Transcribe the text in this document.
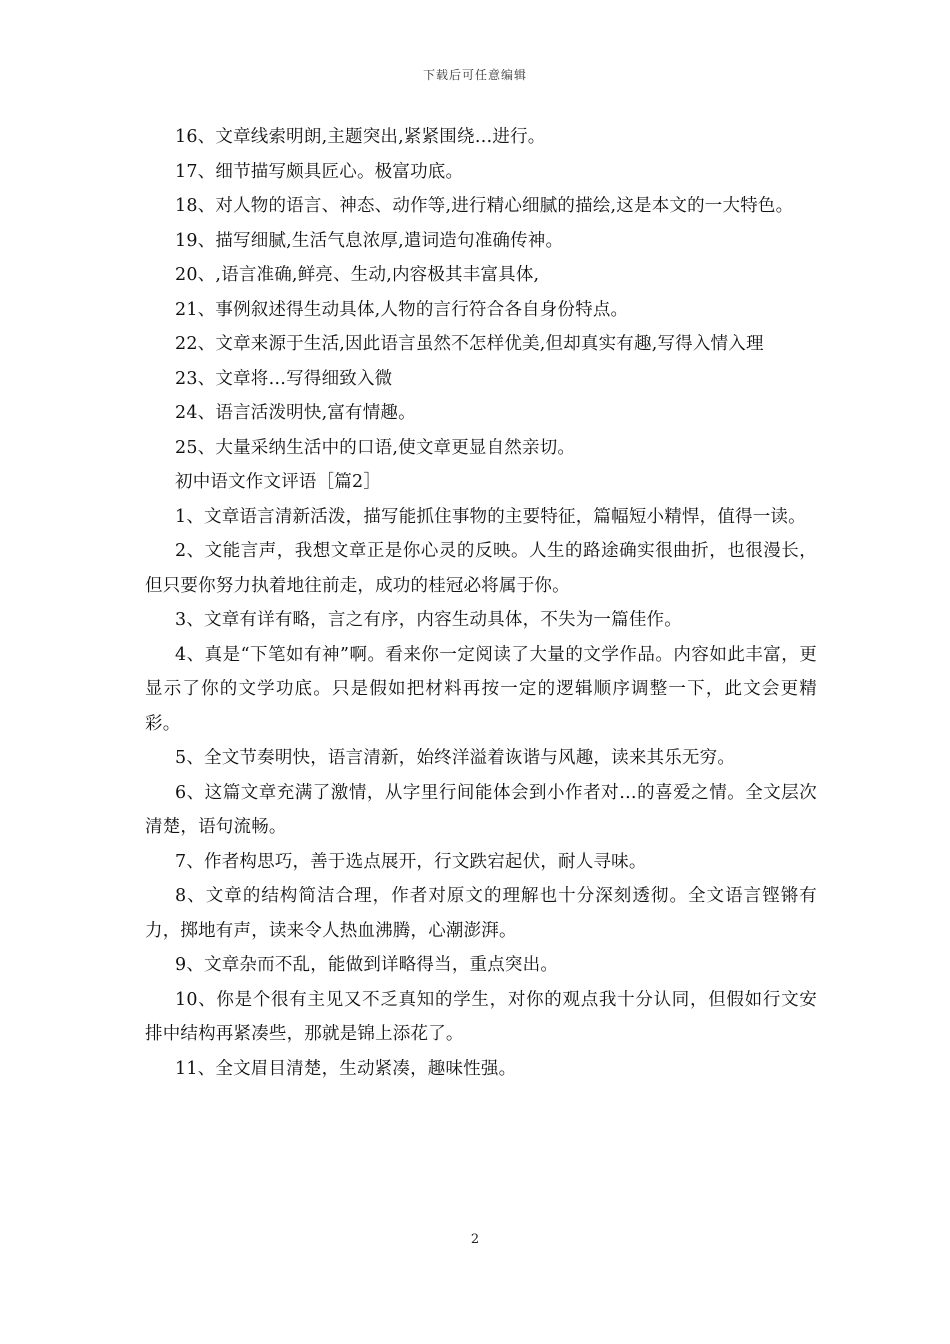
下载后可任意编辑

16、文章线索明朗,主题突出,紧紧围绕…进行。

17、细节描写颇具匠心。极富功底。

18、对人物的语言、神态、动作等,进行精心细腻的描绘,这是本文的一大特色。

19、描写细腻,生活气息浓厚,遣词造句准确传神。

20、,语言准确,鲜亮、生动,内容极其丰富具体,

21、事例叙述得生动具体,人物的言行符合各自身份特点。

22、文章来源于生活,因此语言虽然不怎样优美,但却真实有趣,写得入情入理

23、文章将…写得细致入微

24、语言活泼明快,富有情趣。

25、大量采纳生活中的口语,使文章更显自然亲切。

初中语文作文评语［篇2］

1、文章语言清新活泼，描写能抓住事物的主要特征，篇幅短小精悍，值得一读。

2、文能言声，我想文章正是你心灵的反映。人生的路途确实很曲折，也很漫长，但只要你努力执着地往前走，成功的桂冠必将属于你。

3、文章有详有略，言之有序，内容生动具体，不失为一篇佳作。

4、真是“下笔如有神”啊。看来你一定阅读了大量的文学作品。内容如此丰富，更显示了你的文学功底。只是假如把材料再按一定的逻辑顺序调整一下，此文会更精彩。

5、全文节奏明快，语言清新，始终洋溢着诙谐与风趣，读来其乐无穷。

6、这篇文章充满了激情，从字里行间能体会到小作者对…的喜爱之情。全文层次清楚，语句流畅。

7、作者构思巧，善于选点展开，行文跌宕起伏，耐人寻味。

8、文章的结构简洁合理，作者对原文的理解也十分深刻透彻。全文语言铿锵有力，掷地有声，读来令人热血沸腾，心潮澎湃。

9、文章杂而不乱，能做到详略得当，重点突出。

10、你是个很有主见又不乏真知的学生，对你的观点我十分认同，但假如行文安排中结构再紧凑些，那就是锦上添花了。

11、全文眉目清楚，生动紧凑，趣味性强。

2
